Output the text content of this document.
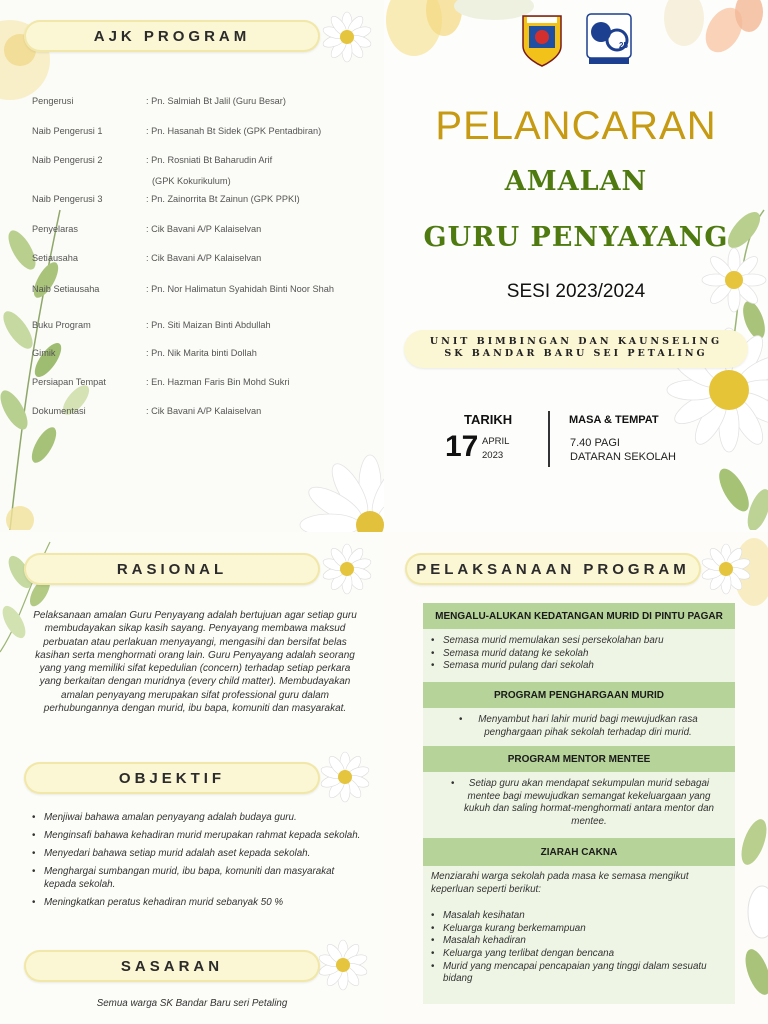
AJK PROGRAM
Pengerusi	: Pn. Salmiah Bt Jalil (Guru Besar)
Naib Pengerusi 1	: Pn. Hasanah Bt Sidek (GPK Pentadbiran)
Naib Pengerusi 2	: Pn. Rosniati Bt Baharudin Arif
(GPK Kokurikulum)
Naib Pengerusi 3	: Pn. Zainorrita Bt Zainun (GPK PPKI)
Penyelaras	: Cik Bavani A/P Kalaiselvan
Setiausaha	: Cik Bavani A/P Kalaiselvan
Naib Setiausaha	: Pn. Nor Halimatun Syahidah Binti Noor Shah
Buku Program	: Pn. Siti Maizan Binti Abdullah
Gimik	: Pn. Nik Marita binti Dollah
Persiapan Tempat	: En. Hazman Faris Bin Mohd Sukri
Dokumentasi	: Cik Bavani A/P Kalaiselvan
25
PELANCARAN
AMALAN
GURU PENYAYANG
SESI 2023/2024
UNIT BIMBINGAN DAN KAUNSELING
SK BANDAR BARU SEI PETALING
TARIKH
17 APRIL
2023
MASA & TEMPAT
7.40 PAGI
DATARAN SEKOLAH
RASIONAL
Pelaksanaan amalan Guru Penyayang adalah bertujuan agar setiap guru membudayakan sikap kasih sayang. Penyayang membawa maksud perbuatan atau perlakuan menyayangi, mengasihi dan bersifat belas kasihan serta menghormati orang lain. Guru Penyayang adalah seorang yang yang memiliki sifat kepedulian (concern) terhadap setiap perkara yang berkaitan dengan muridnya (every child matter). Membudayakan amalan penyayang merupakan sifat professional guru dalam perhubungannya dengan murid, ibu bapa, komuniti dan masyarakat.
OBJEKTIF
• Menjiwai bahawa amalan penyayang adalah budaya guru.
• Menginsafi bahawa kehadiran murid merupakan rahmat kepada sekolah.
• Menyedari bahawa setiap murid adalah aset kepada sekolah.
• Menghargai sumbangan murid, ibu bapa, komuniti dan masyarakat kepada sekolah.
• Meningkatkan peratus kehadiran murid sebanyak 50 %
SASARAN
Semua warga SK Bandar Baru seri Petaling
PELAKSANAAN PROGRAM
MENGALU-ALUKAN KEDATANGAN MURID DI PINTU PAGAR
• Semasa murid memulakan sesi persekolahan baru
• Semasa murid datang ke sekolah
• Semasa murid pulang dari sekolah
PROGRAM PENGHARGAAN MURID
• Menyambut hari lahir murid bagi mewujudkan rasa penghargaan pihak sekolah terhadap diri murid.
PROGRAM MENTOR MENTEE
• Setiap guru akan mendapat sekumpulan murid sebagai mentee bagi mewujudkan semangat kekeluargaan yang kukuh dan saling hormat-menghormati antara mentor dan mentee.
ZIARAH CAKNA
Menziarahi warga sekolah pada masa ke semasa mengikut keperluan seperti berikut:
• Masalah kesihatan
• Keluarga kurang berkemampuan
• Masalah kehadiran
• Keluarga yang terlibat dengan bencana
• Murid yang mencapai pencapaian yang tinggi dalam sesuatu bidang
